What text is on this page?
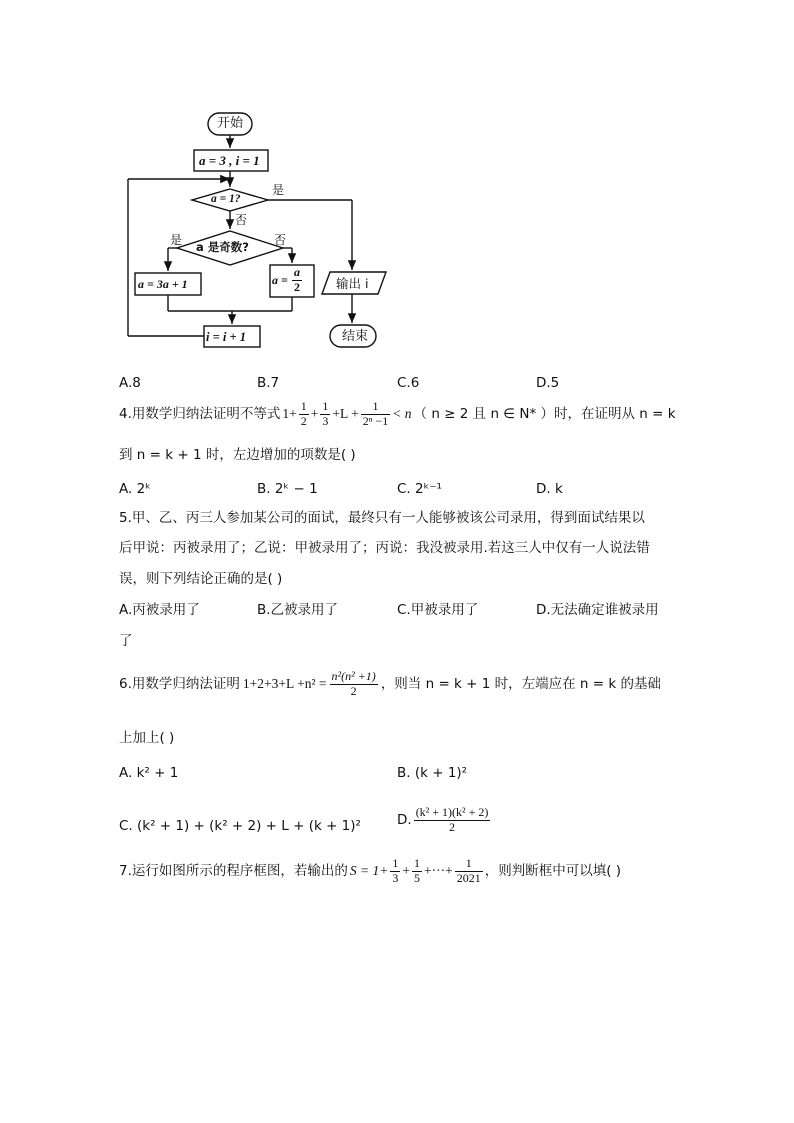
开始
a = 3 , i = 1
a = 1?
是
否
a 是奇数?
是	否
a = 3a + 1	$a = \frac{a}{2}$
i = i + 1
输出 i
结束
A.8	B.7	C.6	D.5
4.用数学归纳法证明不等式 $1+ \frac{1}{2} + \frac{1}{3} +L + \frac{1}{\text{2ⁿ −1}} < n$ （ n ≥ 2 且 n ∈ N* ）时，在证明从 n = k
到 n = k + 1 时，左边增加的项数是( )
A. 2ᵏ	B. 2ᵏ − 1	C. 2ᵏ⁻¹	D. k
5.甲、乙、丙三人参加某公司的面试，最终只有一人能够被该公司录用，得到面试结果以
后甲说：丙被录用了；乙说：甲被录用了；丙说：我没被录用.若这三人中仅有一人说法错
误，则下列结论正确的是( )
A.丙被录用了	B.乙被录用了	C.甲被录用了	D.无法确定谁被录用
了
6.用数学归纳法证明 $1+2+3+L +n^2 = \frac{\text{n²(n² +1)}}{2}$ ，则当 n = k + 1 时，左端应在 n = k 的基础
上加上( )
A. k² + 1	B. (k + 1)²
C. (k² + 1) + (k² + 2) + L + (k + 1)²	D. $\frac{\text{(k² + 1)(k² + 2)}}{2}$
7.运行如图所示的程序框图，若输出的 $S = 1+ \frac{1}{3} + \frac{1}{5}$ +···+ $\frac{1}{2021}$ ，则判断框中可以填( )
